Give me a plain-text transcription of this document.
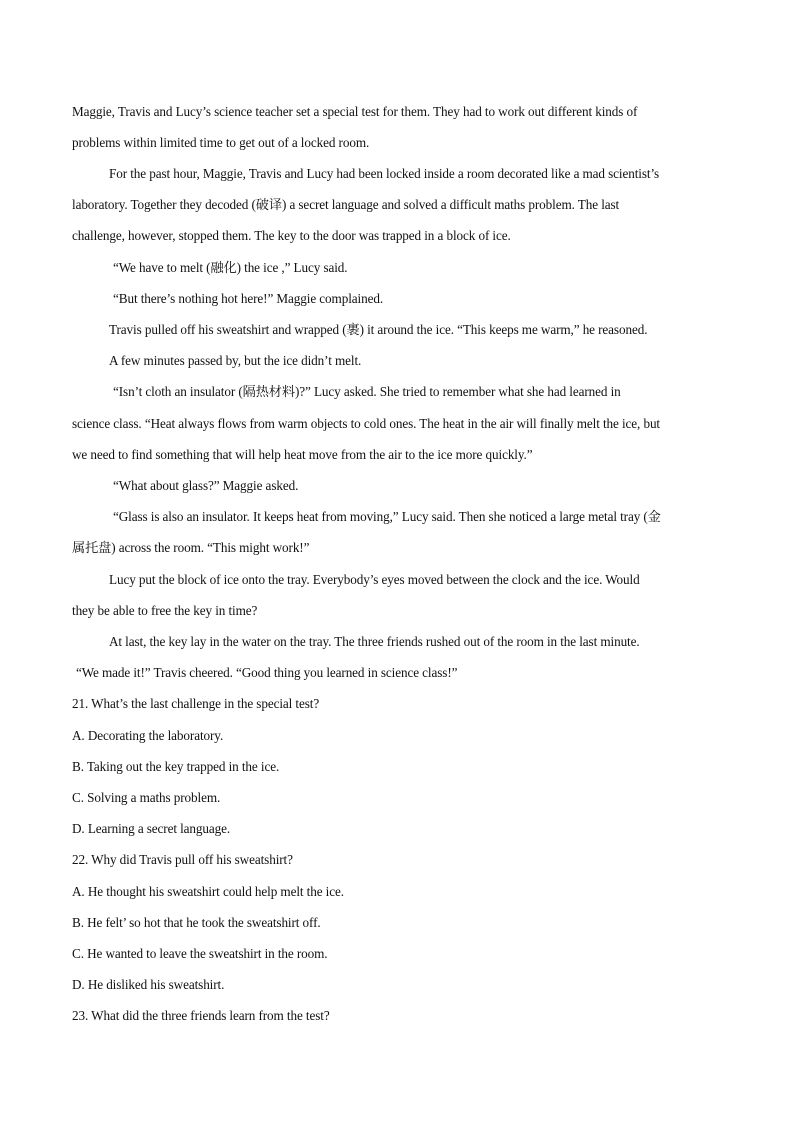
Maggie, Travis and Lucy’s science teacher set a special test for them. They had to work out different kinds of
problems within limited time to get out of a locked room.
For the past hour, Maggie, Travis and Lucy had been locked inside a room decorated like a mad scientist’s
laboratory. Together they decoded (破译) a secret language and solved a difficult maths problem. The last
challenge, however, stopped them. The key to the door was trapped in a block of ice.
“We have to melt (融化) the ice ,” Lucy said.
“But there’s nothing hot here!” Maggie complained.
Travis pulled off his sweatshirt and wrapped (裹) it around the ice. “This keeps me warm,” he reasoned.
A few minutes passed by, but the ice didn’t melt.
“Isn’t cloth an insulator (隔热材料)?” Lucy asked. She tried to remember what she had learned in
science class. “Heat always flows from warm objects to cold ones. The heat in the air will finally melt the ice, but
we need to find something that will help heat move from the air to the ice more quickly.”
“What about glass?” Maggie asked.
“Glass is also an insulator. It keeps heat from moving,” Lucy said. Then she noticed a large metal tray (金
属托盘) across the room. “This might work!”
Lucy put the block of ice onto the tray. Everybody’s eyes moved between the clock and the ice. Would
they be able to free the key in time?
At last, the key lay in the water on the tray. The three friends rushed out of the room in the last minute.
“We made it!” Travis cheered. “Good thing you learned in science class!”
21. What’s the last challenge in the special test?
A. Decorating the laboratory.
B. Taking out the key trapped in the ice.
C. Solving a maths problem.
D. Learning a secret language.
22. Why did Travis pull off his sweatshirt?
A. He thought his sweatshirt could help melt the ice.
B. He felt’ so hot that he took the sweatshirt off.
C. He wanted to leave the sweatshirt in the room.
D. He disliked his sweatshirt.
23. What did the three friends learn from the test?
